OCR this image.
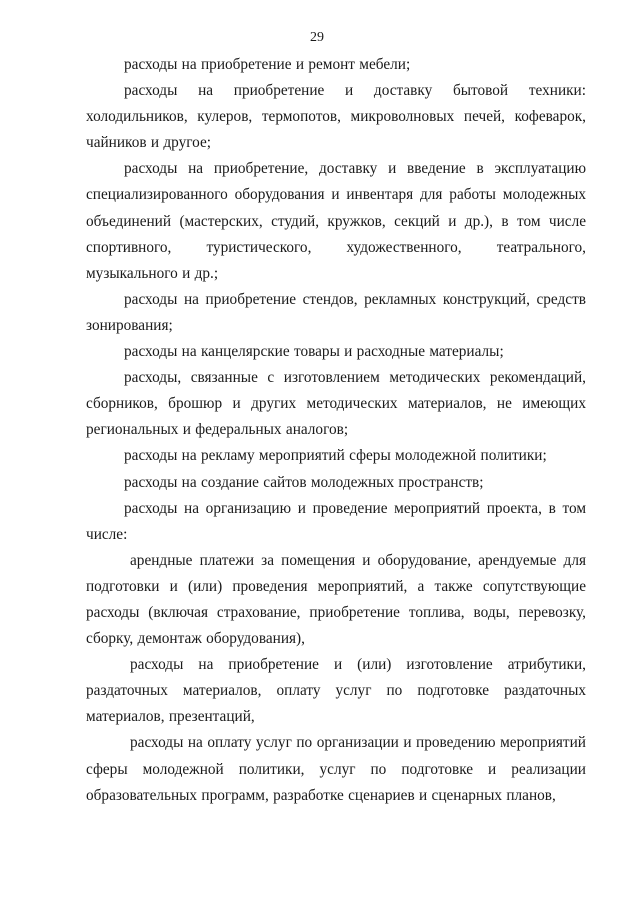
29

расходы на приобретение и ремонт мебели;

расходы на приобретение и доставку бытовой техники: холодильников, кулеров, термопотов, микроволновых печей, кофеварок, чайников и другое;

расходы на приобретение, доставку и введение в эксплуатацию специализированного оборудования и инвентаря для работы молодежных объединений (мастерских, студий, кружков, секций и др.), в том числе спортивного, туристического, художественного, театрального, музыкального и др.;

расходы на приобретение стендов, рекламных конструкций, средств зонирования;

расходы на канцелярские товары и расходные материалы;

расходы, связанные с изготовлением методических рекомендаций, сборников, брошюр и других методических материалов, не имеющих региональных и федеральных аналогов;

расходы на рекламу мероприятий сферы молодежной политики;

расходы на создание сайтов молодежных пространств;

расходы на организацию и проведение мероприятий проекта, в том числе:

арендные платежи за помещения и оборудование, арендуемые для подготовки и (или) проведения мероприятий, а также сопутствующие расходы (включая страхование, приобретение топлива, воды, перевозку, сборку, демонтаж оборудования),

расходы на приобретение и (или) изготовление атрибутики, раздаточных материалов, оплату услуг по подготовке раздаточных материалов, презентаций,

расходы на оплату услуг по организации и проведению мероприятий сферы молодежной политики, услуг по подготовке и реализации образовательных программ, разработке сценариев и сценарных планов,
